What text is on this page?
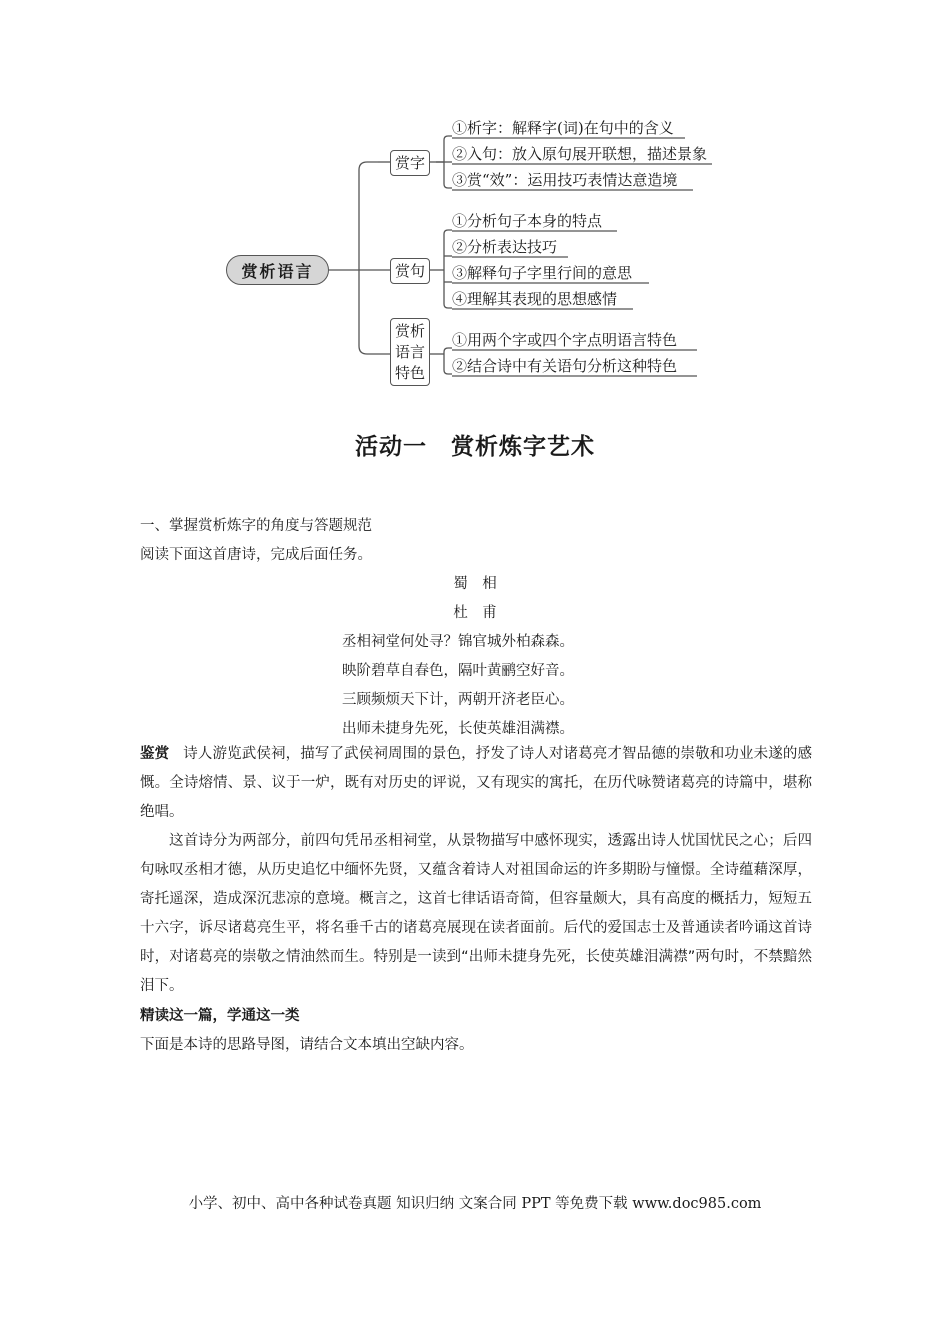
赏析语言
赏字
①析字：解释字(词)在句中的含义
②入句：放入原句展开联想，描述景象
③赏“效”：运用技巧表情达意造境
赏句
①分析句子本身的特点
②分析表达技巧
③解释句子字里行间的意思
④理解其表现的思想感情
赏析
语言
特色
①用两个字或四个字点明语言特色
②结合诗中有关语句分析这种特色
活动一　赏析炼字艺术
一、掌握赏析炼字的角度与答题规范
阅读下面这首唐诗，完成后面任务。
蜀　相
杜　甫
丞相祠堂何处寻？锦官城外柏森森。
映阶碧草自春色，隔叶黄鹂空好音。
三顾频烦天下计，两朝开济老臣心。
出师未捷身先死，长使英雄泪满襟。
鉴赏 诗人游览武侯祠，描写了武侯祠周围的景色，抒发了诗人对诸葛亮才智品德的崇敬和功业未遂的感慨。全诗熔情、景、议于一炉，既有对历史的评说，又有现实的寓托，在历代咏赞诸葛亮的诗篇中，堪称绝唱。
这首诗分为两部分，前四句凭吊丞相祠堂，从景物描写中感怀现实，透露出诗人忧国忧民之心；后四句咏叹丞相才德，从历史追忆中缅怀先贤，又蕴含着诗人对祖国命运的许多期盼与憧憬。全诗蕴藉深厚，寄托遥深，造成深沉悲凉的意境。概言之，这首七律话语奇简，但容量颇大，具有高度的概括力，短短五十六字，诉尽诸葛亮生平，将名垂千古的诸葛亮展现在读者面前。后代的爱国志士及普通读者吟诵这首诗时，对诸葛亮的崇敬之情油然而生。特别是一读到“出师未捷身先死，长使英雄泪满襟”两句时，不禁黯然泪下。
精读这一篇，学通这一类
下面是本诗的思路导图，请结合文本填出空缺内容。
小学、初中、高中各种试卷真题 知识归纳 文案合同 PPT 等免费下载 www.doc985.com
